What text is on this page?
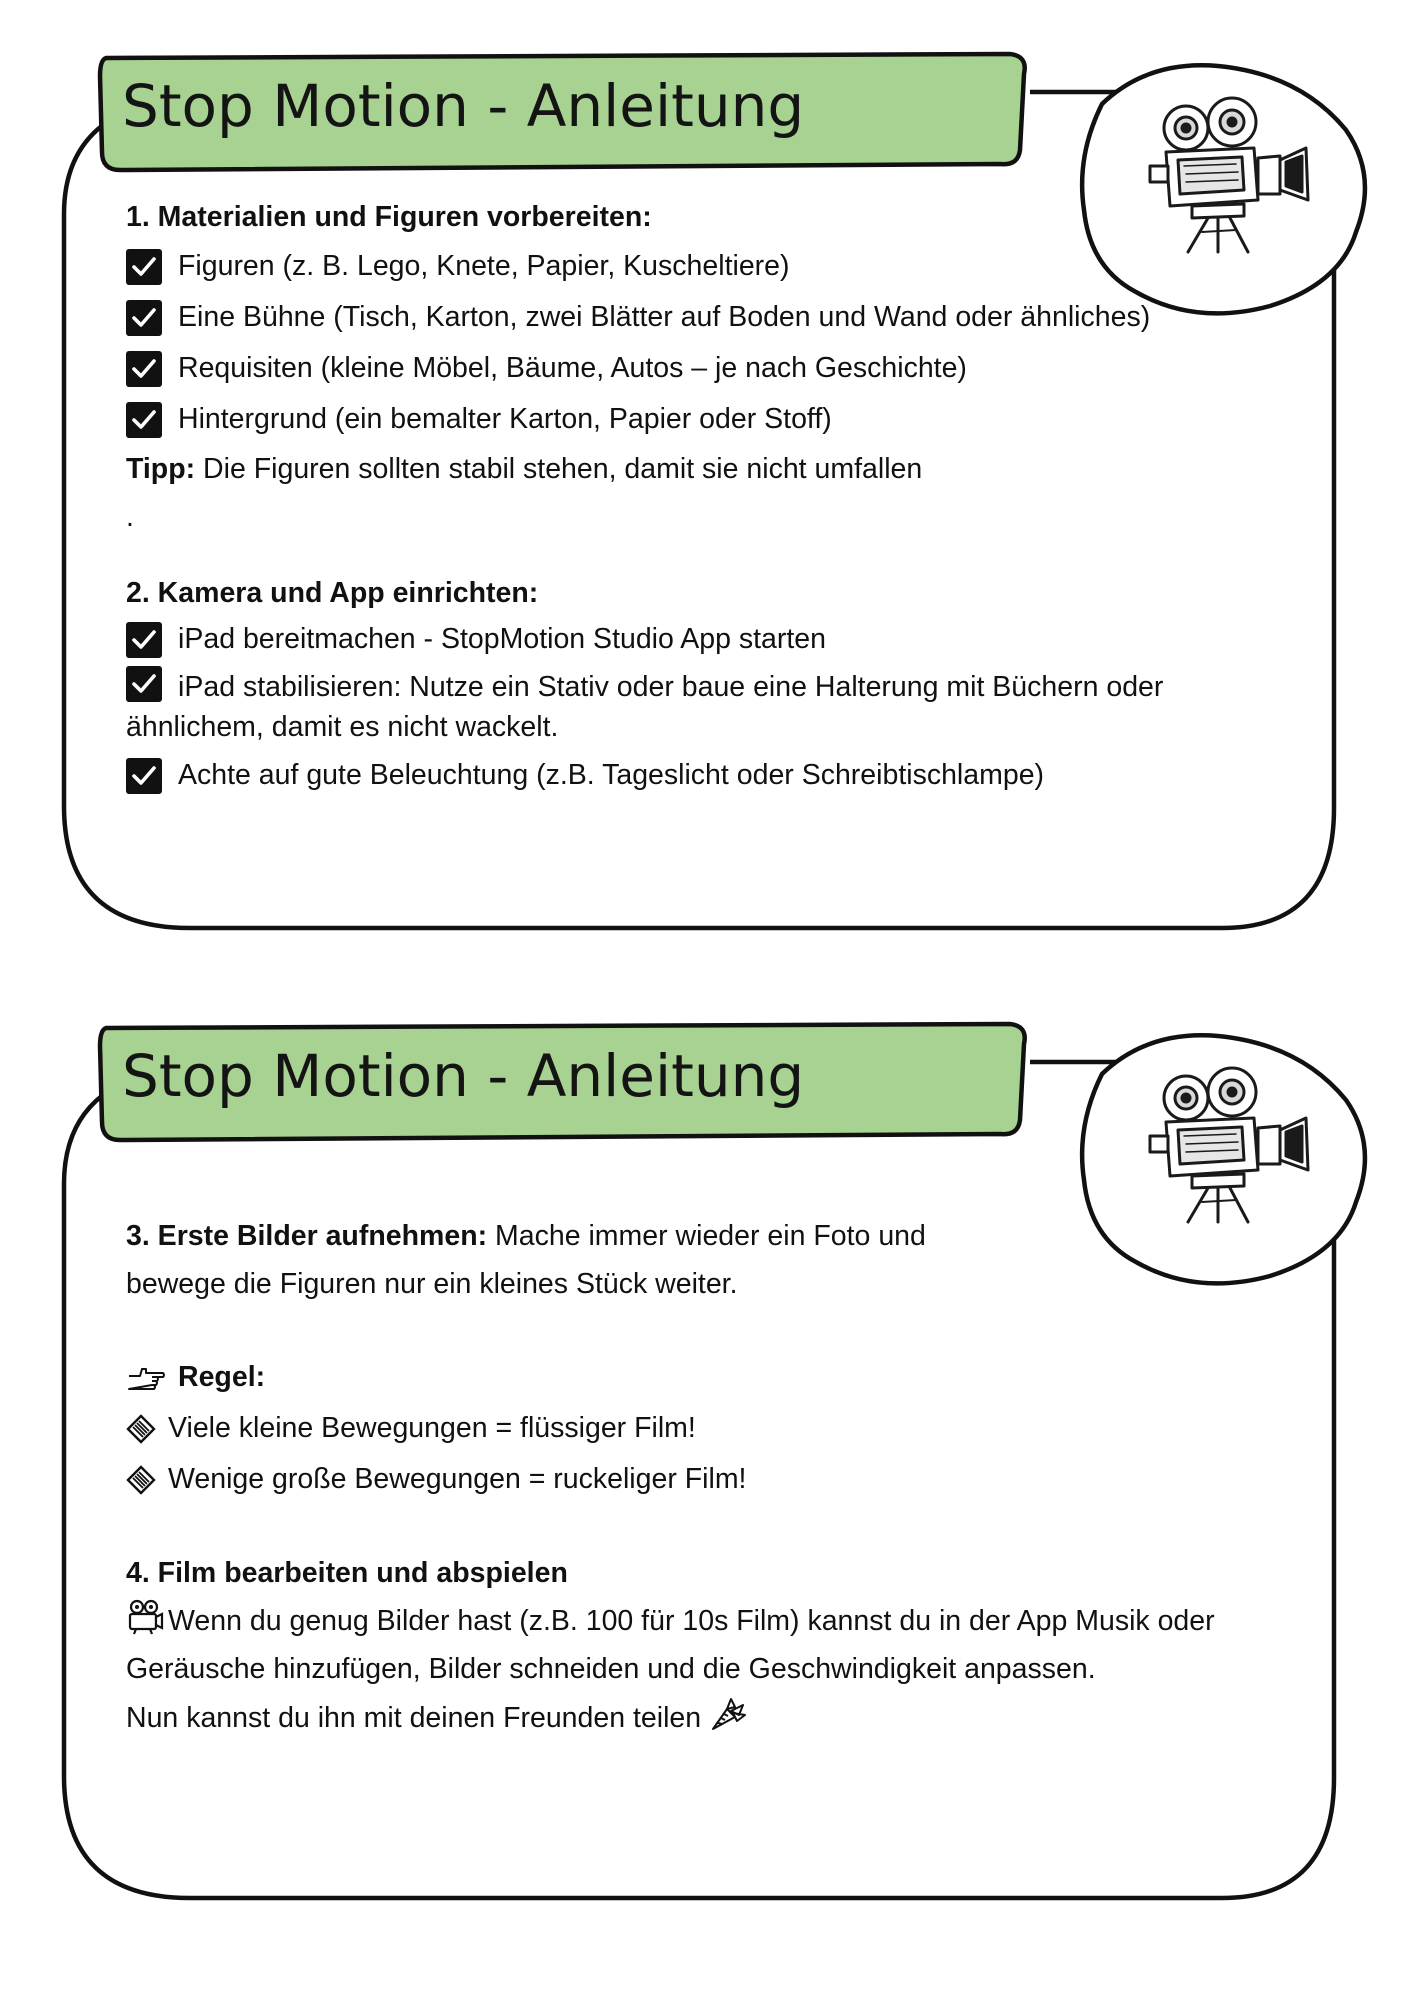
Stop Motion - Anleitung
1. Materialien und Figuren vorbereiten:
Figuren (z. B. Lego, Knete, Papier, Kuscheltiere)
Eine Bühne (Tisch, Karton, zwei Blätter auf Boden und Wand oder ähnliches)
Requisiten (kleine Möbel, Bäume, Autos – je nach Geschichte)
Hintergrund (ein bemalter Karton, Papier oder Stoff)
Tipp: Die Figuren sollten stabil stehen, damit sie nicht umfallen
.
2. Kamera und App einrichten:
iPad bereitmachen - StopMotion Studio App starten
iPad stabilisieren: Nutze ein Stativ oder baue eine Halterung mit Büchern oder ähnlichem, damit es nicht wackelt.
Achte auf gute Beleuchtung (z.B. Tageslicht oder Schreibtischlampe)
Stop Motion - Anleitung
3. Erste Bilder aufnehmen: Mache immer wieder ein Foto und bewege die Figuren nur ein kleines Stück weiter.
Regel:
Viele kleine Bewegungen = flüssiger Film!
Wenige große Bewegungen = ruckeliger Film!
4. Film bearbeiten und abspielen
Wenn du genug Bilder hast (z.B. 100 für 10s Film) kannst du in der App Musik oder Geräusche hinzufügen, Bilder schneiden und die Geschwindigkeit anpassen.
Nun kannst du ihn mit deinen Freunden teilen
